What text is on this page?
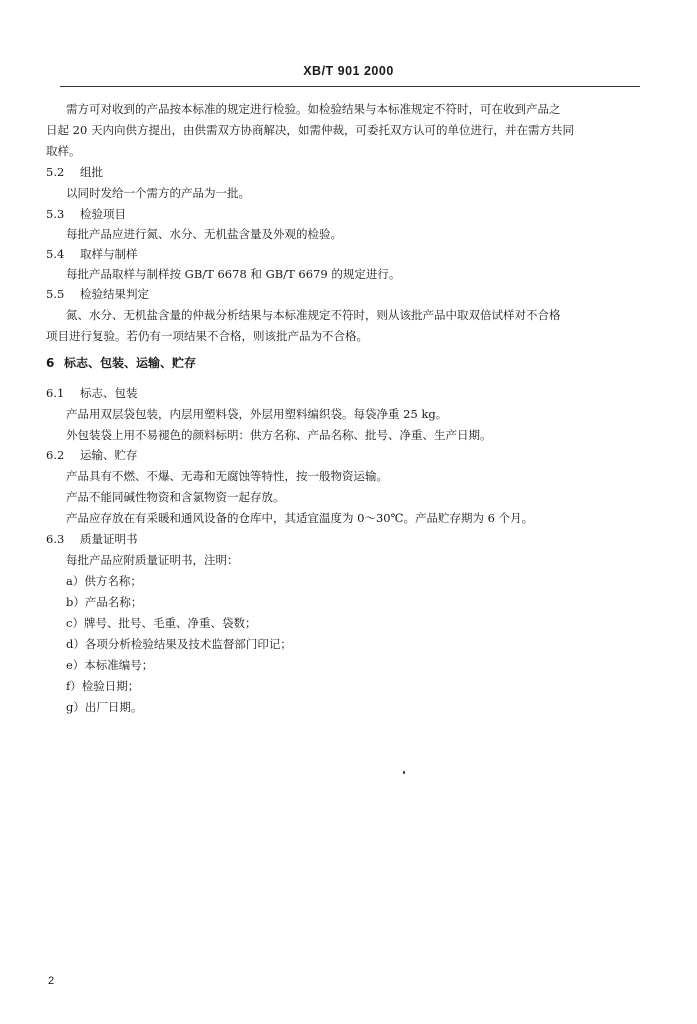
XB/T 901 2000
需方可对收到的产品按本标准的规定进行检验。如检验结果与本标准规定不符时，可在收到产品之
日起 20 天内向供方提出，由供需双方协商解决，如需仲裁，可委托双方认可的单位进行，并在需方共同
取样。
5.2 组批
以同时发给一个需方的产品为一批。
5.3 检验项目
每批产品应进行氮、水分、无机盐含量及外观的检验。
5.4 取样与制样
每批产品取样与制样按 GB/T 6678 和 GB/T 6679 的规定进行。
5.5 检验结果判定
氮、水分、无机盐含量的仲裁分析结果与本标准规定不符时，则从该批产品中取双倍试样对不合格
项目进行复验。若仍有一项结果不合格，则该批产品为不合格。
6 标志、包装、运输、贮存
6.1 标志、包装
产品用双层袋包装，内层用塑料袋，外层用塑料编织袋。每袋净重 25 kg。
外包装袋上用不易褪色的颜料标明：供方名称、产品名称、批号、净重、生产日期。
6.2 运输、贮存
产品具有不燃、不爆、无毒和无腐蚀等特性，按一般物资运输。
产品不能同碱性物资和含氯物资一起存放。
产品应存放在有采暖和通风设备的仓库中，其适宜温度为 0～30℃。产品贮存期为 6 个月。
6.3 质量证明书
每批产品应附质量证明书，注明：
a）供方名称；
b）产品名称；
c）牌号、批号、毛重、净重、袋数；
d）各项分析检验结果及技术监督部门印记；
e）本标准编号；
f）检验日期；
g）出厂日期。
2
